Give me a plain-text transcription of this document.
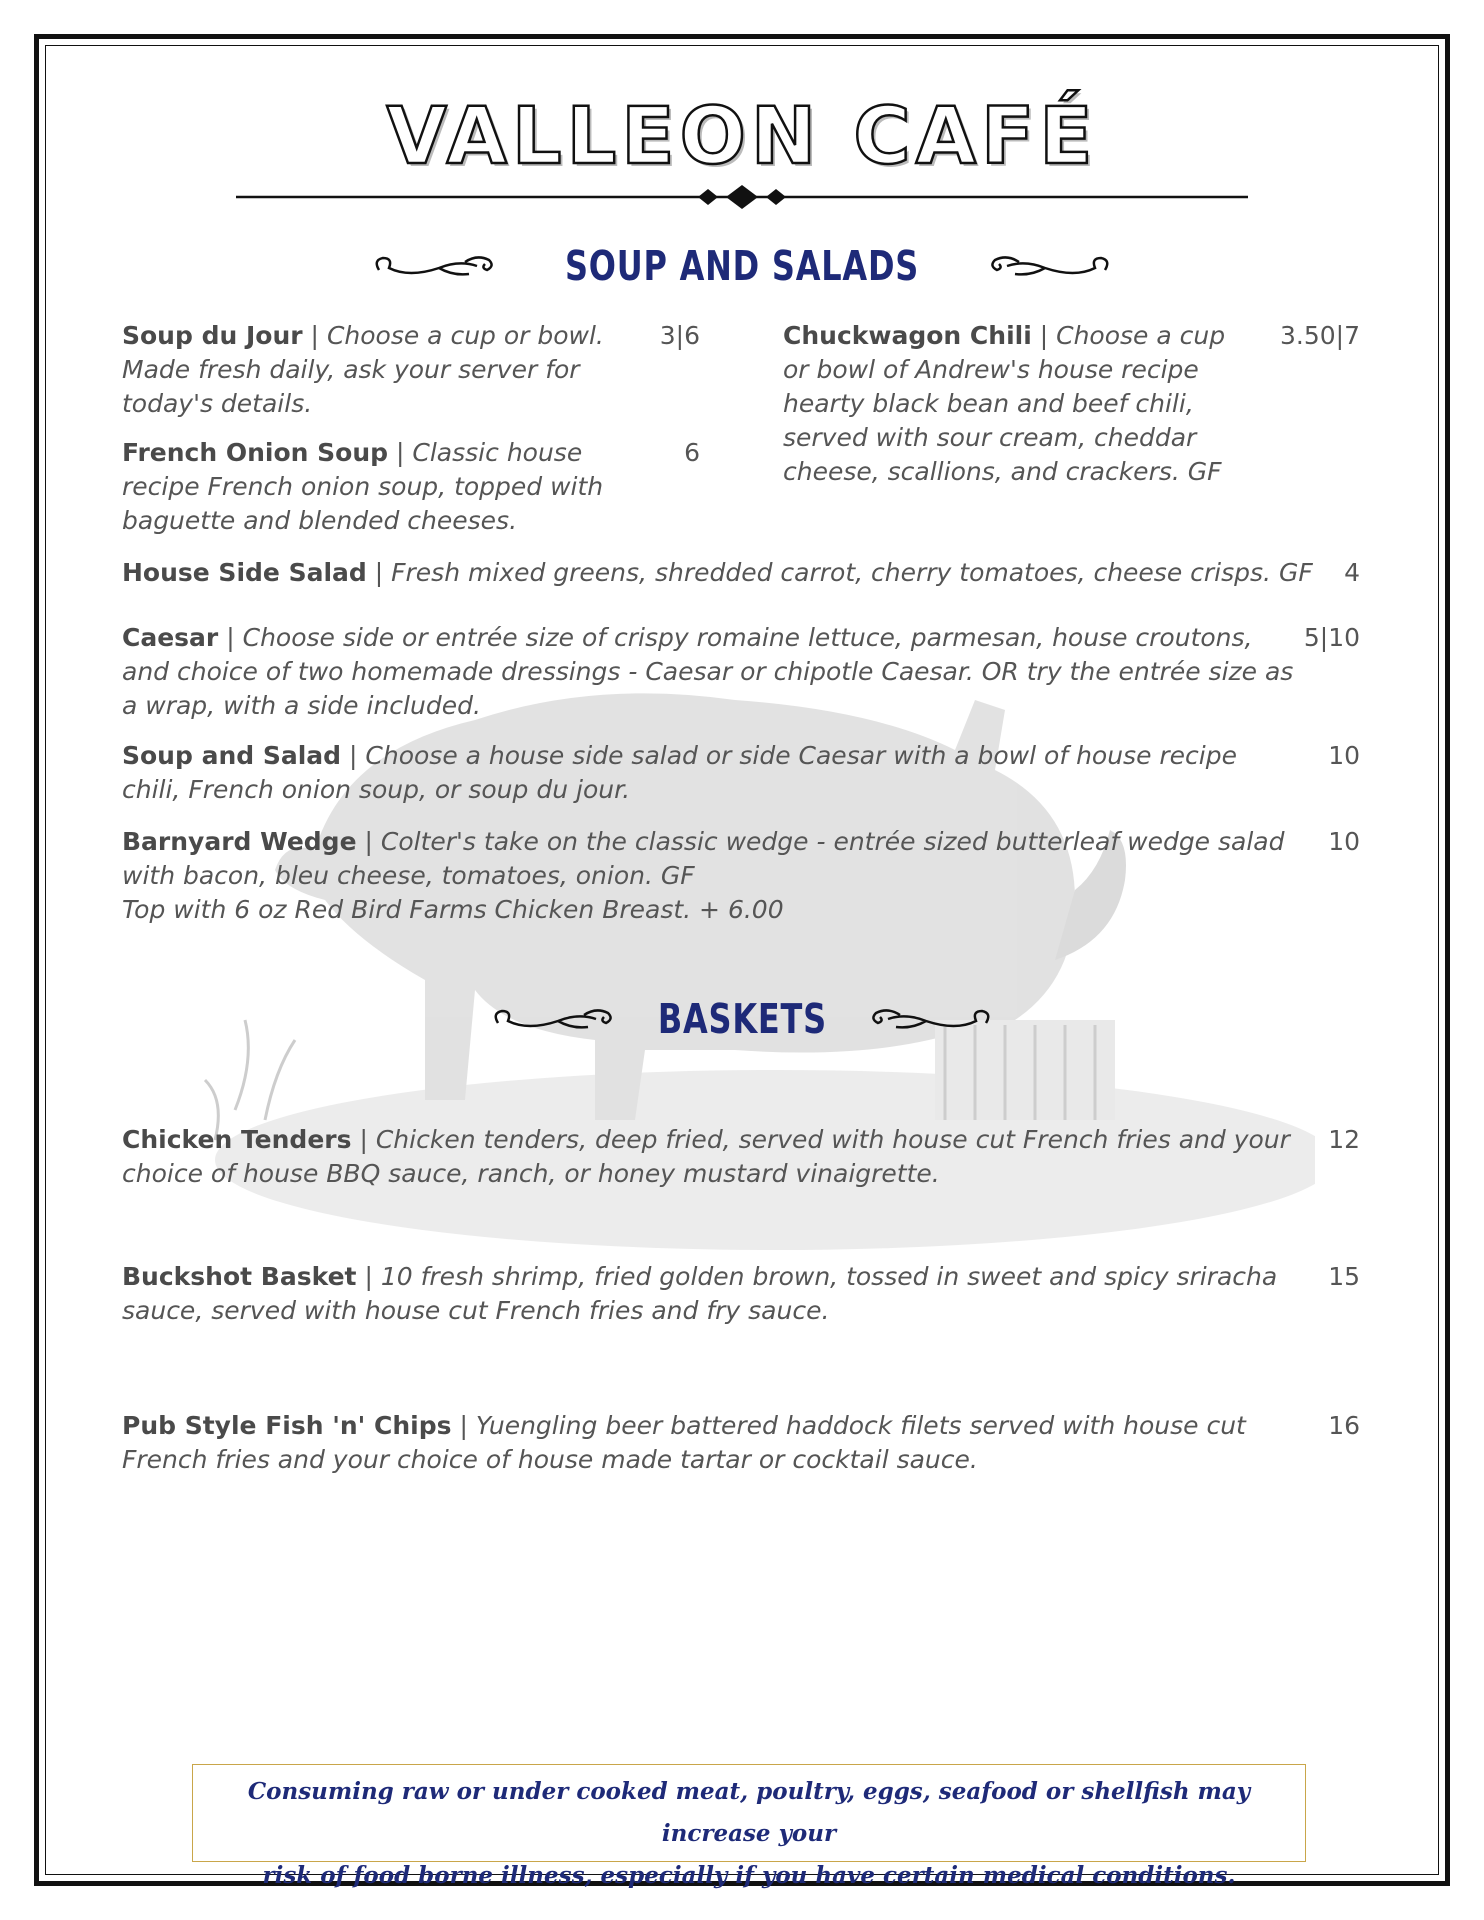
VALLEON CAFÉ
SOUP AND SALADS
Soup du Jour | Choose a cup or bowl. Made fresh daily, ask your server for today's details.
3|6
French Onion Soup | Classic house recipe French onion soup, topped with baguette and blended cheeses.
6
Chuckwagon Chili | Choose a cup or bowl of Andrew's house recipe hearty black bean and beef chili, served with sour cream, cheddar cheese, scallions, and crackers. GF
3.50|7
House Side Salad | Fresh mixed greens, shredded carrot, cherry tomatoes, cheese crisps. GF	4
Caesar | Choose side or entrée size of crispy romaine lettuce, parmesan, house croutons, and choice of two homemade dressings - Caesar or chipotle Caesar. OR try the entrée size as a wrap, with a side included.
5|10
Soup and Salad | Choose a house side salad or side Caesar with a bowl of house recipe chili, French onion soup, or soup du jour.
10
Barnyard Wedge | Colter's take on the classic wedge - entrée sized butterleaf wedge salad with bacon, bleu cheese, tomatoes, onion. GF
Top with 6 oz Red Bird Farms Chicken Breast. + 6.00
10
BASKETS
Chicken Tenders | Chicken tenders, deep fried, served with house cut French fries and your choice of house BBQ sauce, ranch, or honey mustard vinaigrette.
12
Buckshot Basket | 10 fresh shrimp, fried golden brown, tossed in sweet and spicy sriracha sauce, served with house cut French fries and fry sauce.
15
Pub Style Fish 'n' Chips | Yuengling beer battered haddock filets served with house cut French fries and your choice of house made tartar or cocktail sauce.
16
Consuming raw or under cooked meat, poultry, eggs, seafood or shellfish may increase your
risk of food borne illness, especially if you have certain medical conditions.
